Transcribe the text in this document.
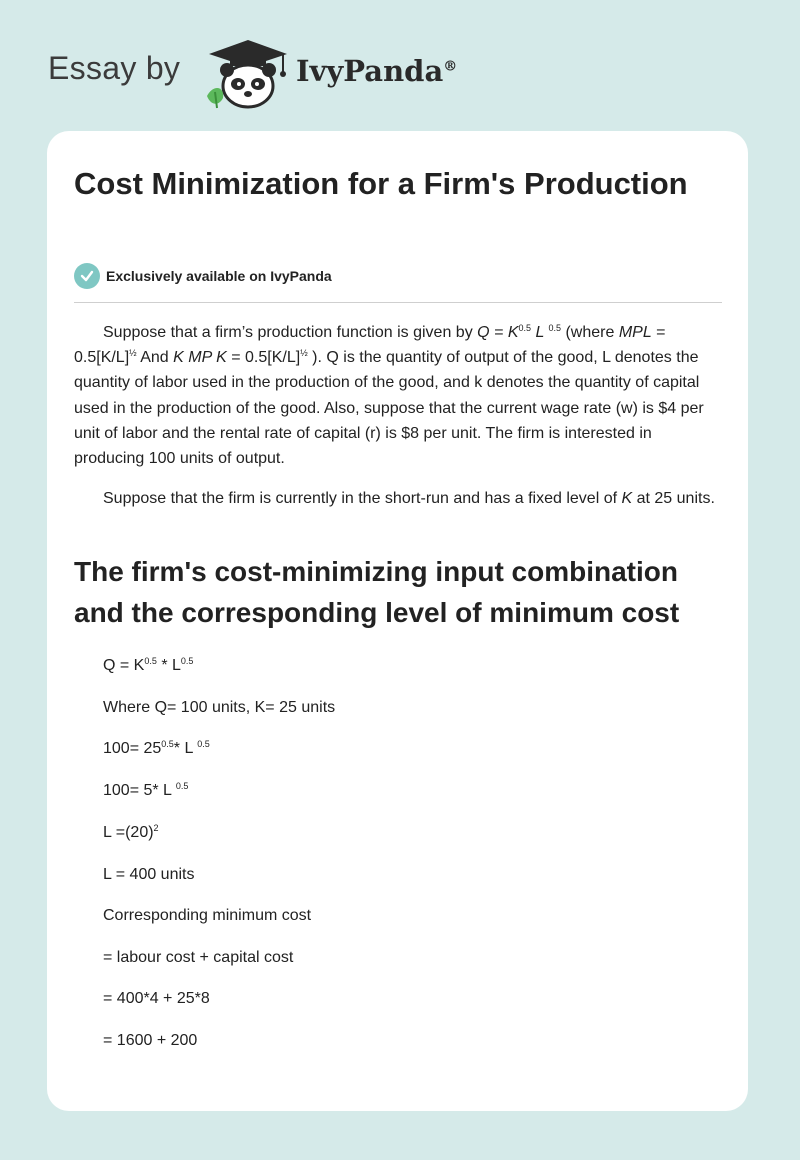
Essay by	IvyPanda®
Cost Minimization for a Firm's Production
Exclusively available on IvyPanda

Suppose that a firm’s production function is given by $Q = K^{0.5}$ L $^{0.5}$ (where MPL = $0.5[K/L]^{\frac{1}{2}}$ And K MP $K = 0.5[K/L]^{\frac{1}{2}}$ ). Q is the quantity of output of the good, L denotes the quantity of labor used in the production of the good, and k denotes the quantity of capital used in the production of the good. Also, suppose that the current wage rate (w) is $4 per unit of labor and the rental rate of capital (r) is $8 per unit. The firm is interested in producing 100 units of output.

Suppose that the firm is currently in the short-run and has a fixed level of K at 25 units.

The firm's cost-minimizing input combination and the corresponding level of minimum cost
$Q = K^{0.5} * L^{0.5}$
Where Q= 100 units, K= 25 units
$100= 25^{0.5}*$ L $^{0.5}$
100= 5* L $^{0.5}$
$L =(20)^2$
L = 400 units
Corresponding minimum cost
= labour cost + capital cost
= 400*4 + 25*8
= 1600 + 200
